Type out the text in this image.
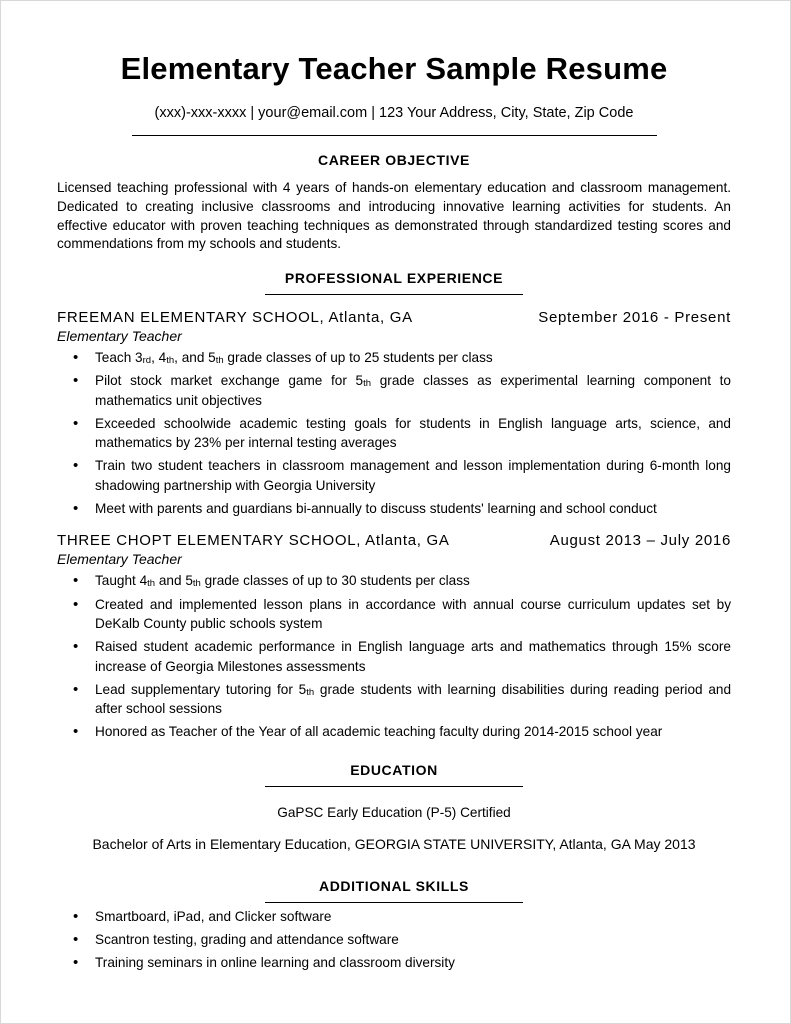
Elementary Teacher Sample Resume
(xxx)-xxx-xxxx | your@email.com | 123 Your Address, City, State, Zip Code
CAREER OBJECTIVE
Licensed teaching professional with 4 years of hands-on elementary education and classroom management. Dedicated to creating inclusive classrooms and introducing innovative learning activities for students. An effective educator with proven teaching techniques as demonstrated through standardized testing scores and commendations from my schools and students.
PROFESSIONAL EXPERIENCE
FREEMAN ELEMENTARY SCHOOL, Atlanta, GA	September 2016 - Present
Elementary Teacher
• Teach 3rd, 4th, and 5th grade classes of up to 25 students per class
• Pilot stock market exchange game for 5th grade classes as experimental learning component to mathematics unit objectives
• Exceeded schoolwide academic testing goals for students in English language arts, science, and mathematics by 23% per internal testing averages
• Train two student teachers in classroom management and lesson implementation during 6-month long shadowing partnership with Georgia University
• Meet with parents and guardians bi-annually to discuss students' learning and school conduct
THREE CHOPT ELEMENTARY SCHOOL, Atlanta, GA	August 2013 – July 2016
Elementary Teacher
• Taught 4th and 5th grade classes of up to 30 students per class
• Created and implemented lesson plans in accordance with annual course curriculum updates set by DeKalb County public schools system
• Raised student academic performance in English language arts and mathematics through 15% score increase of Georgia Milestones assessments
• Lead supplementary tutoring for 5th grade students with learning disabilities during reading period and after school sessions
• Honored as Teacher of the Year of all academic teaching faculty during 2014-2015 school year
EDUCATION
GaPSC Early Education (P-5) Certified
Bachelor of Arts in Elementary Education, GEORGIA STATE UNIVERSITY, Atlanta, GA May 2013
ADDITIONAL SKILLS
• Smartboard, iPad, and Clicker software
• Scantron testing, grading and attendance software
• Training seminars in online learning and classroom diversity
